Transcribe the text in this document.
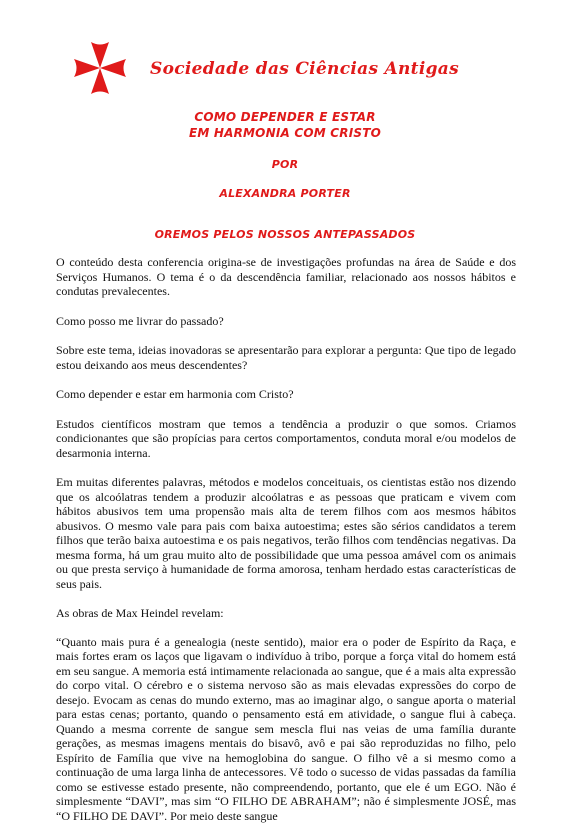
Sociedade das Ciências Antigas
COMO DEPENDER E ESTAR
EM HARMONIA COM CRISTO
POR
ALEXANDRA PORTER
OREMOS PELOS NOSSOS ANTEPASSADOS

O conteúdo desta conferencia origina-se de investigações profundas na área de Saúde e dos Serviços Humanos. O tema é o da descendência familiar, relacionado aos nossos hábitos e condutas prevalecentes.

Como posso me livrar do passado?

Sobre este tema, ideias inovadoras se apresentarão para explorar a pergunta: Que tipo de legado estou deixando aos meus descendentes?

Como depender e estar em harmonia com Cristo?

Estudos científicos mostram que temos a tendência a produzir o que somos. Criamos condicionantes que são propícias para certos comportamentos, conduta moral e/ou modelos de desarmonia interna.

Em muitas diferentes palavras, métodos e modelos conceituais, os cientistas estão nos dizendo que os alcoólatras tendem a produzir alcoólatras e as pessoas que praticam e vivem com hábitos abusivos tem uma propensão mais alta de terem filhos com aos mesmos hábitos abusivos. O mesmo vale para pais com baixa autoestima; estes são sérios candidatos a terem filhos que terão baixa autoestima e os pais negativos, terão filhos com tendências negativas. Da mesma forma, há um grau muito alto de possibilidade que uma pessoa amável com os animais ou que presta serviço à humanidade de forma amorosa, tenham herdado estas características de seus pais.

As obras de Max Heindel revelam:

“Quanto mais pura é a genealogia (neste sentido), maior era o poder de Espírito da Raça, e mais fortes eram os laços que ligavam o indivíduo à tribo, porque a força vital do homem está em seu sangue. A memoria está intimamente relacionada ao sangue, que é a mais alta expressão do corpo vital. O cérebro e o sistema nervoso são as mais elevadas expressões do corpo de desejo. Evocam as cenas do mundo externo, mas ao imaginar algo, o sangue aporta o material para estas cenas; portanto, quando o pensamento está em atividade, o sangue flui à cabeça. Quando a mesma corrente de sangue sem mescla flui nas veias de uma família durante gerações, as mesmas imagens mentais do bisavô, avô e pai são reproduzidas no filho, pelo Espírito de Família que vive na hemoglobina do sangue. O filho vê a si mesmo como a continuação de uma larga linha de antecessores. Vê todo o sucesso de vidas passadas da família como se estivesse estado presente, não compreendendo, portanto, que ele é um EGO. Não é simplesmente “DAVI”, mas sim “O FILHO DE ABRAHAM”; não é simplesmente JOSÉ, mas “O FILHO DE DAVI”. Por meio deste sangue
